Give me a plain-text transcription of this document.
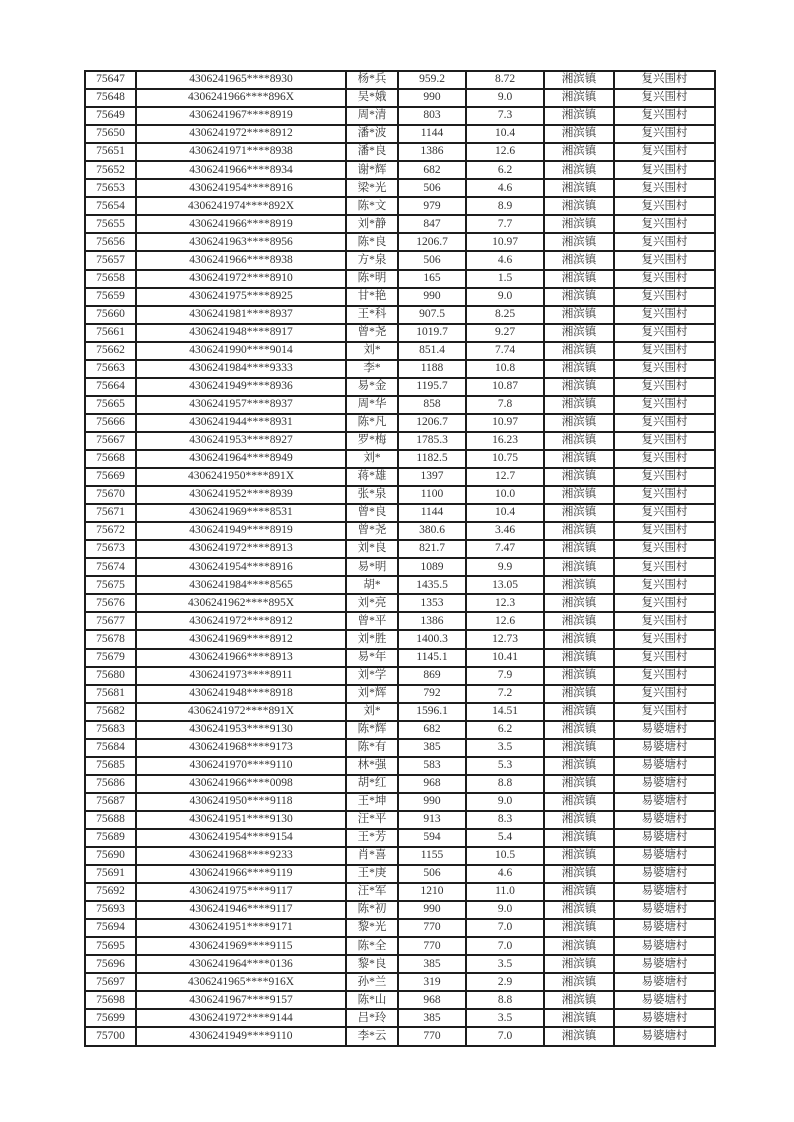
75647	4306241965****8930	杨*兵	959.2	8.72	湘滨镇	复兴围村
75648	4306241966****896X	吴*娥	990	9.0	湘滨镇	复兴围村
75649	4306241967****8919	周*清	803	7.3	湘滨镇	复兴围村
75650	4306241972****8912	潘*波	1144	10.4	湘滨镇	复兴围村
75651	4306241971****8938	潘*良	1386	12.6	湘滨镇	复兴围村
75652	4306241966****8934	谢*辉	682	6.2	湘滨镇	复兴围村
75653	4306241954****8916	梁*光	506	4.6	湘滨镇	复兴围村
75654	4306241974****892X	陈*文	979	8.9	湘滨镇	复兴围村
75655	4306241966****8919	刘*静	847	7.7	湘滨镇	复兴围村
75656	4306241963****8956	陈*良	1206.7	10.97	湘滨镇	复兴围村
75657	4306241966****8938	方*泉	506	4.6	湘滨镇	复兴围村
75658	4306241972****8910	陈*明	165	1.5	湘滨镇	复兴围村
75659	4306241975****8925	甘*艳	990	9.0	湘滨镇	复兴围村
75660	4306241981****8937	王*科	907.5	8.25	湘滨镇	复兴围村
75661	4306241948****8917	曾*尧	1019.7	9.27	湘滨镇	复兴围村
75662	4306241990****9014	刘*	851.4	7.74	湘滨镇	复兴围村
75663	4306241984****9333	李*	1188	10.8	湘滨镇	复兴围村
75664	4306241949****8936	易*金	1195.7	10.87	湘滨镇	复兴围村
75665	4306241957****8937	周*华	858	7.8	湘滨镇	复兴围村
75666	4306241944****8931	陈*凡	1206.7	10.97	湘滨镇	复兴围村
75667	4306241953****8927	罗*梅	1785.3	16.23	湘滨镇	复兴围村
75668	4306241964****8949	刘*	1182.5	10.75	湘滨镇	复兴围村
75669	4306241950****891X	蒋*雄	1397	12.7	湘滨镇	复兴围村
75670	4306241952****8939	张*泉	1100	10.0	湘滨镇	复兴围村
75671	4306241969****8531	曾*良	1144	10.4	湘滨镇	复兴围村
75672	4306241949****8919	曾*尧	380.6	3.46	湘滨镇	复兴围村
75673	4306241972****8913	刘*良	821.7	7.47	湘滨镇	复兴围村
75674	4306241954****8916	易*明	1089	9.9	湘滨镇	复兴围村
75675	4306241984****8565	胡*	1435.5	13.05	湘滨镇	复兴围村
75676	4306241962****895X	刘*亮	1353	12.3	湘滨镇	复兴围村
75677	4306241972****8912	曾*平	1386	12.6	湘滨镇	复兴围村
75678	4306241969****8912	刘*胜	1400.3	12.73	湘滨镇	复兴围村
75679	4306241966****8913	易*年	1145.1	10.41	湘滨镇	复兴围村
75680	4306241973****8911	刘*学	869	7.9	湘滨镇	复兴围村
75681	4306241948****8918	刘*辉	792	7.2	湘滨镇	复兴围村
75682	4306241972****891X	刘*	1596.1	14.51	湘滨镇	复兴围村
75683	4306241953****9130	陈*辉	682	6.2	湘滨镇	易婆塘村
75684	4306241968****9173	陈*有	385	3.5	湘滨镇	易婆塘村
75685	4306241970****9110	林*强	583	5.3	湘滨镇	易婆塘村
75686	4306241966****0098	胡*红	968	8.8	湘滨镇	易婆塘村
75687	4306241950****9118	王*坤	990	9.0	湘滨镇	易婆塘村
75688	4306241951****9130	汪*平	913	8.3	湘滨镇	易婆塘村
75689	4306241954****9154	王*芳	594	5.4	湘滨镇	易婆塘村
75690	4306241968****9233	肖*喜	1155	10.5	湘滨镇	易婆塘村
75691	4306241966****9119	王*庚	506	4.6	湘滨镇	易婆塘村
75692	4306241975****9117	汪*军	1210	11.0	湘滨镇	易婆塘村
75693	4306241946****9117	陈*初	990	9.0	湘滨镇	易婆塘村
75694	4306241951****9171	黎*光	770	7.0	湘滨镇	易婆塘村
75695	4306241969****9115	陈*全	770	7.0	湘滨镇	易婆塘村
75696	4306241964****0136	黎*良	385	3.5	湘滨镇	易婆塘村
75697	4306241965****916X	孙*兰	319	2.9	湘滨镇	易婆塘村
75698	4306241967****9157	陈*山	968	8.8	湘滨镇	易婆塘村
75699	4306241972****9144	吕*玲	385	3.5	湘滨镇	易婆塘村
75700	4306241949****9110	李*云	770	7.0	湘滨镇	易婆塘村
